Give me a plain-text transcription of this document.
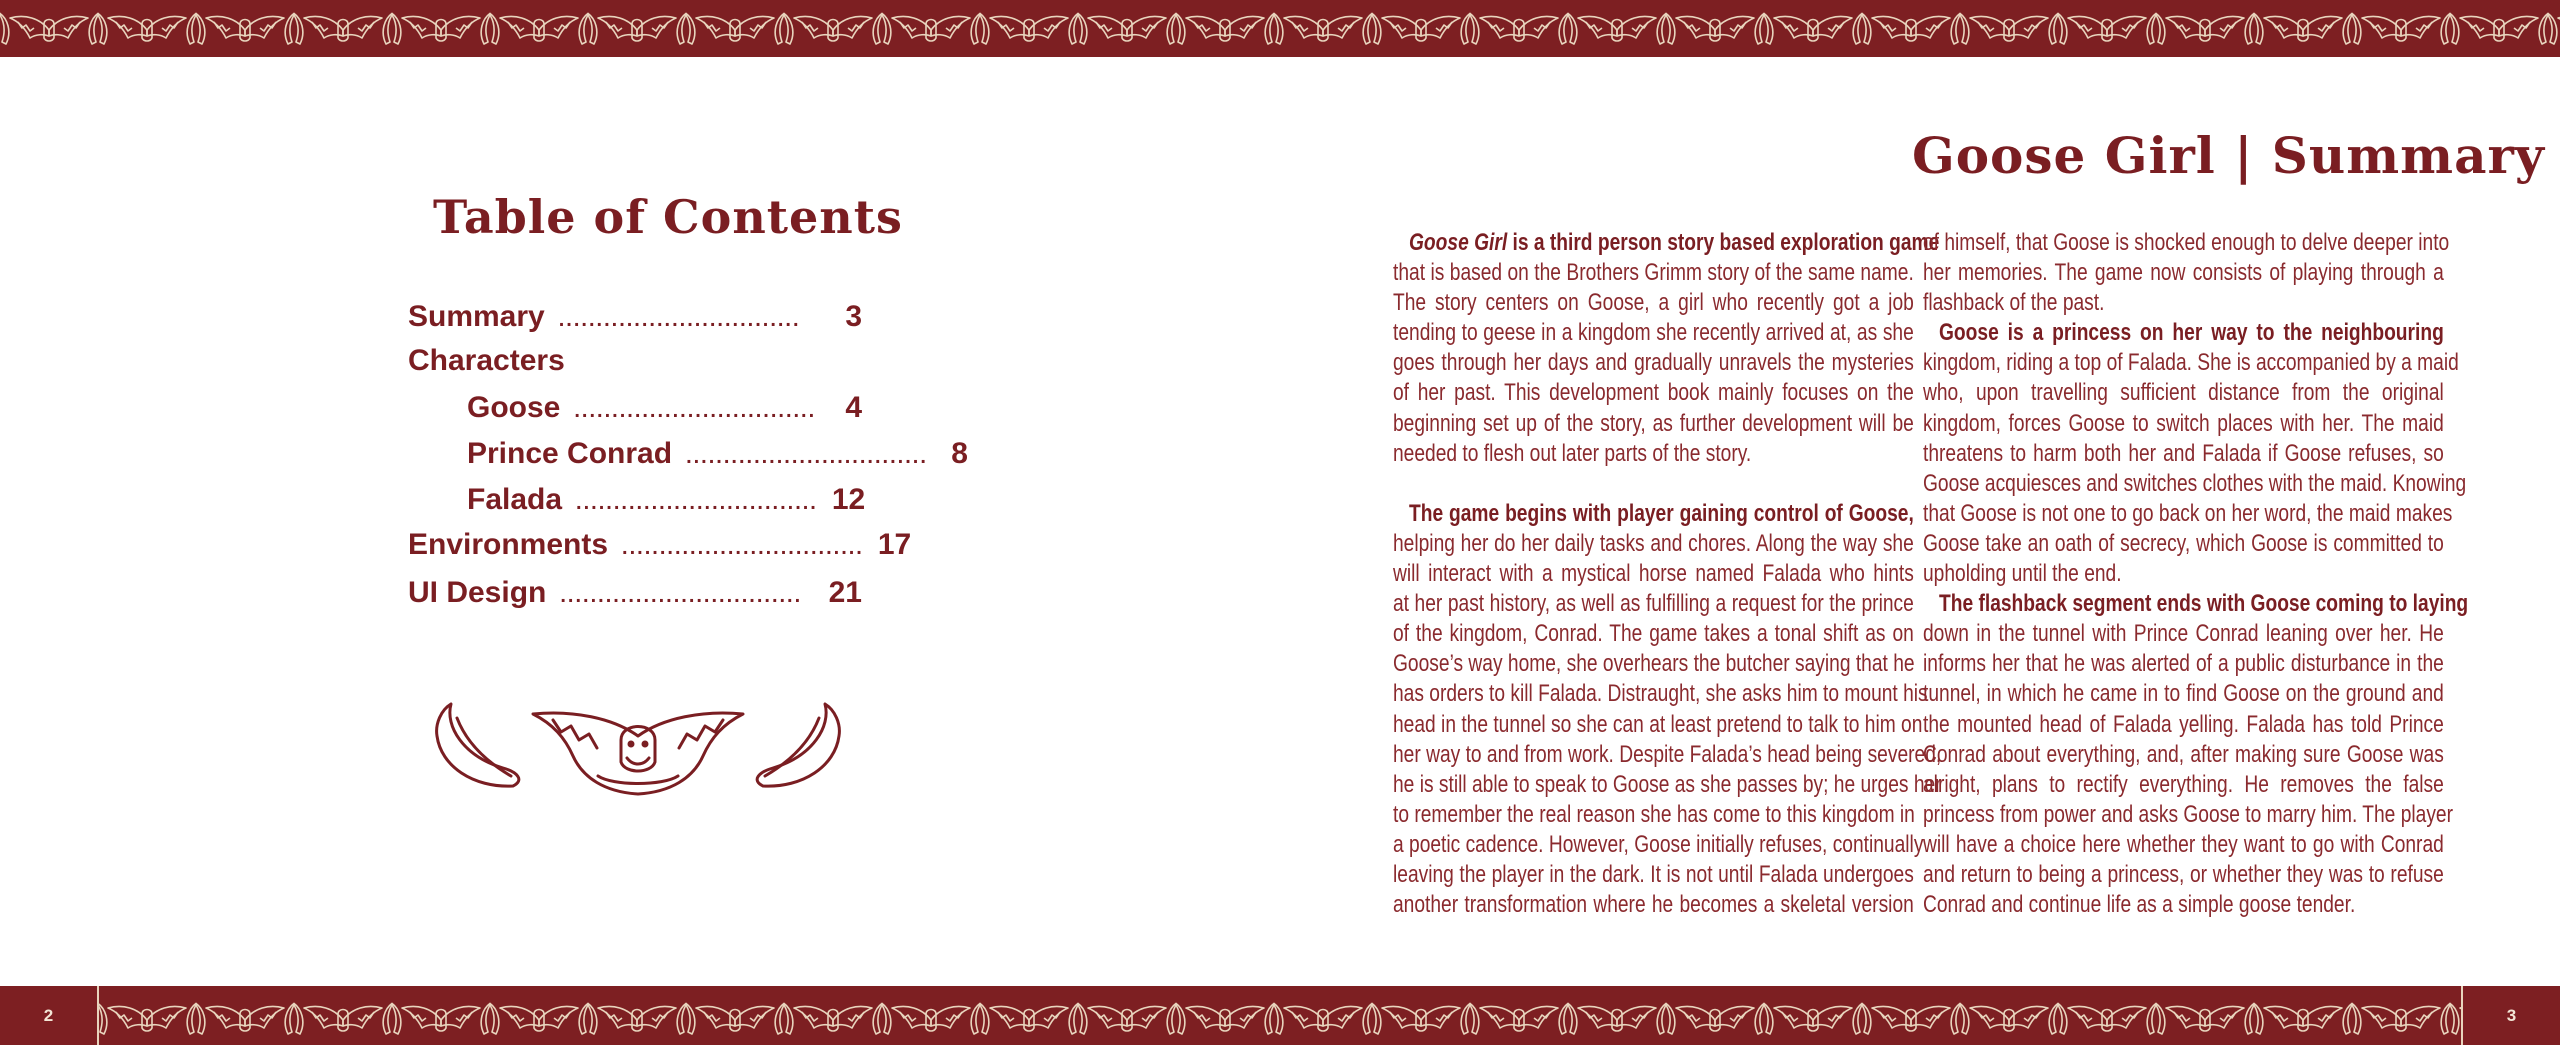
2	3
Table of Contents
Summary ................................	3
Characters
Goose ................................ 4
Prince Conrad ................................ 8
Falada ................................ 12
Environments ................................ 17
UI Design ................................ 21
Goose Girl | Summary
Goose Girl is a third person story based exploration game
that is based on the Brothers Grimm story of the same name.
The story centers on Goose, a girl who recently got a job
tending to geese in a kingdom she recently arrived at, as she
goes through her days and gradually unravels the mysteries
of her past. This development book mainly focuses on the
beginning set up of the story, as further development will be
needed to flesh out later parts of the story.
The game begins with player gaining control of Goose,
helping her do her daily tasks and chores. Along the way she
will interact with a mystical horse named Falada who hints
at her past history, as well as fulfilling a request for the prince
of the kingdom, Conrad. The game takes a tonal shift as on
Goose’s way home, she overhears the butcher saying that he
has orders to kill Falada. Distraught, she asks him to mount his
head in the tunnel so she can at least pretend to talk to him on
her way to and from work. Despite Falada’s head being severed,
he is still able to speak to Goose as she passes by; he urges her
to remember the real reason she has come to this kingdom in
a poetic cadence. However, Goose initially refuses, continually
leaving the player in the dark. It is not until Falada undergoes
another transformation where he becomes a skeletal version
of himself, that Goose is shocked enough to delve deeper into
her memories. The game now consists of playing through a
flashback of the past.
Goose is a princess on her way to the neighbouring
kingdom, riding a top of Falada. She is accompanied by a maid
who, upon travelling sufficient distance from the original
kingdom, forces Goose to switch places with her. The maid
threatens to harm both her and Falada if Goose refuses, so
Goose acquiesces and switches clothes with the maid. Knowing
that Goose is not one to go back on her word, the maid makes
Goose take an oath of secrecy, which Goose is committed to
upholding until the end.
The flashback segment ends with Goose coming to laying
down in the tunnel with Prince Conrad leaning over her. He
informs her that he was alerted of a public disturbance in the
tunnel, in which he came in to find Goose on the ground and
the mounted head of Falada yelling. Falada has told Prince
Conrad about everything, and, after making sure Goose was
alright, plans to rectify everything. He removes the false
princess from power and asks Goose to marry him. The player
will have a choice here whether they want to go with Conrad
and return to being a princess, or whether they was to refuse
Conrad and continue life as a simple goose tender.
